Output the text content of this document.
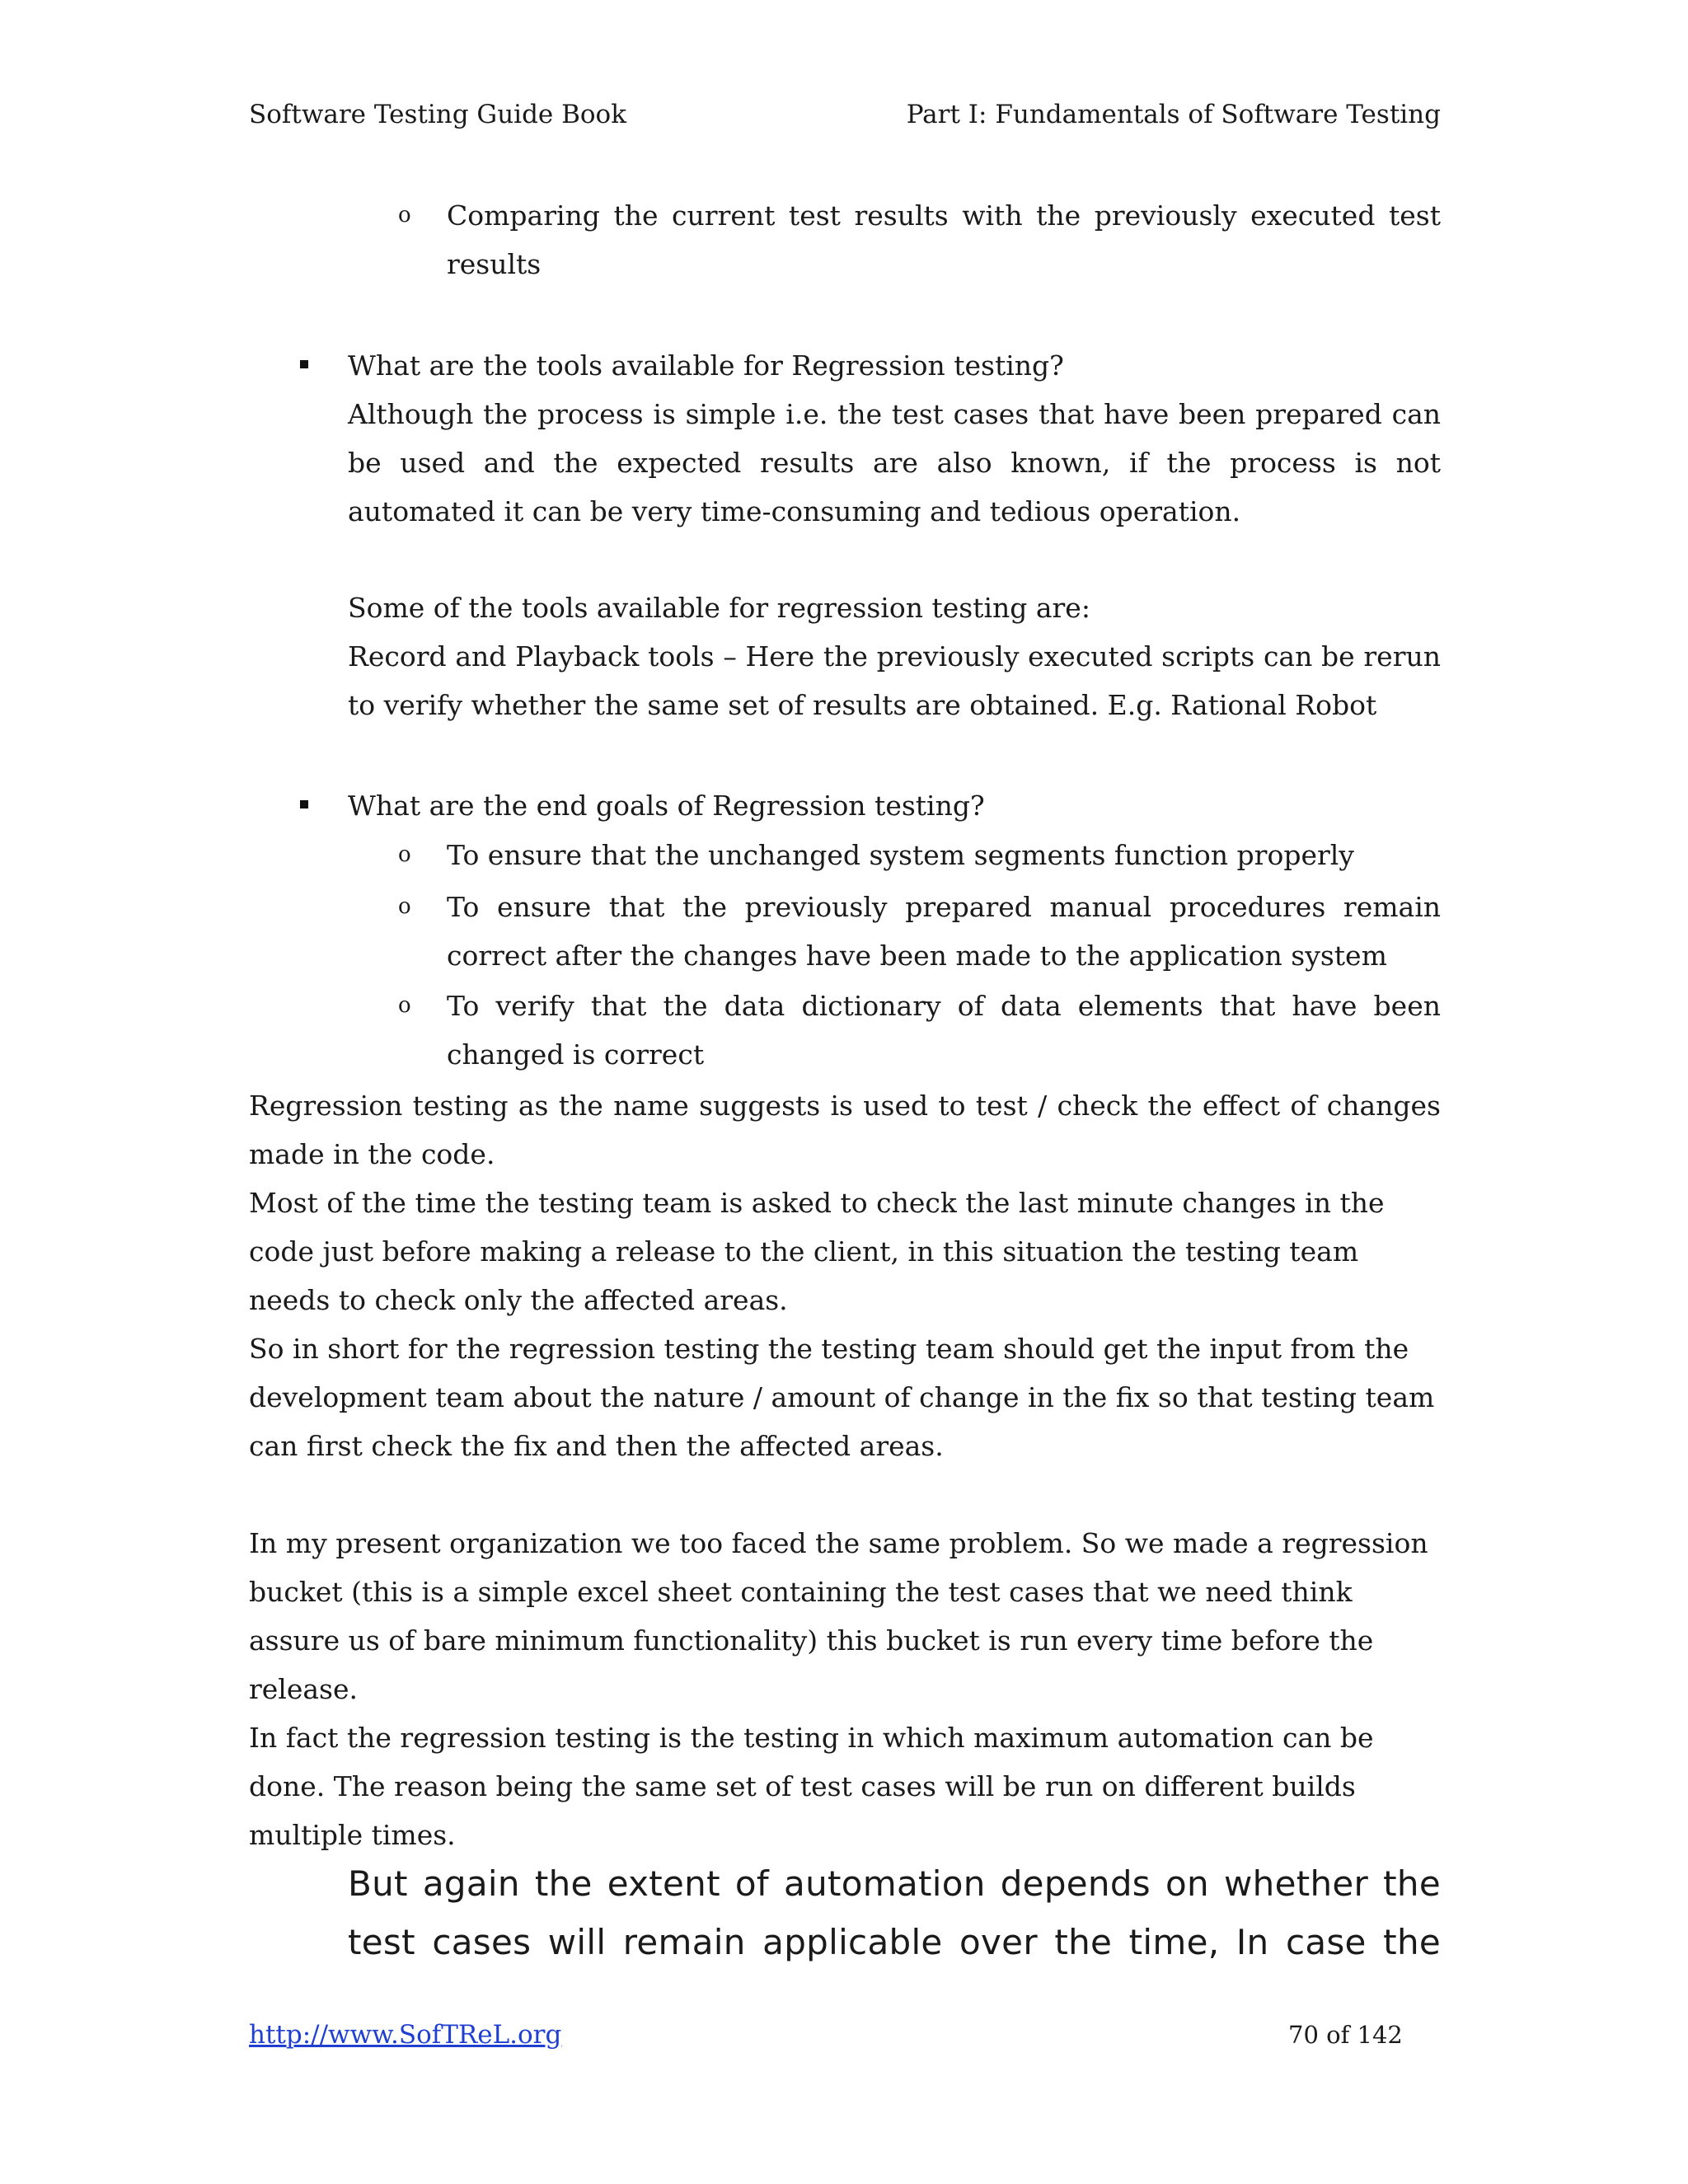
Software Testing Guide Book	Part I: Fundamentals of Software Testing
o Comparing the current test results with the previously executed test results
What are the tools available for Regression testing?
Although the process is simple i.e. the test cases that have been prepared can be used and the expected results are also known, if the process is not automated it can be very time-consuming and tedious operation.
Some of the tools available for regression testing are:
Record and Playback tools – Here the previously executed scripts can be rerun to verify whether the same set of results are obtained. E.g. Rational Robot
What are the end goals of Regression testing?
o To ensure that the unchanged system segments function properly
o To ensure that the previously prepared manual procedures remain correct after the changes have been made to the application system
o To verify that the data dictionary of data elements that have been changed is correct
Regression testing as the name suggests is used to test / check the effect of changes made in the code.
Most of the time the testing team is asked to check the last minute changes in the code just before making a release to the client, in this situation the testing team needs to check only the affected areas.
So in short for the regression testing the testing team should get the input from the development team about the nature / amount of change in the fix so that testing team can first check the fix and then the affected areas.
In my present organization we too faced the same problem. So we made a regression bucket (this is a simple excel sheet containing the test cases that we need think assure us of bare minimum functionality) this bucket is run every time before the release.
In fact the regression testing is the testing in which maximum automation can be done. The reason being the same set of test cases will be run on different builds multiple times.
But again the extent of automation depends on whether the test cases will remain applicable over the time, In case the
http://www.SofTReL.org	70 of 142
